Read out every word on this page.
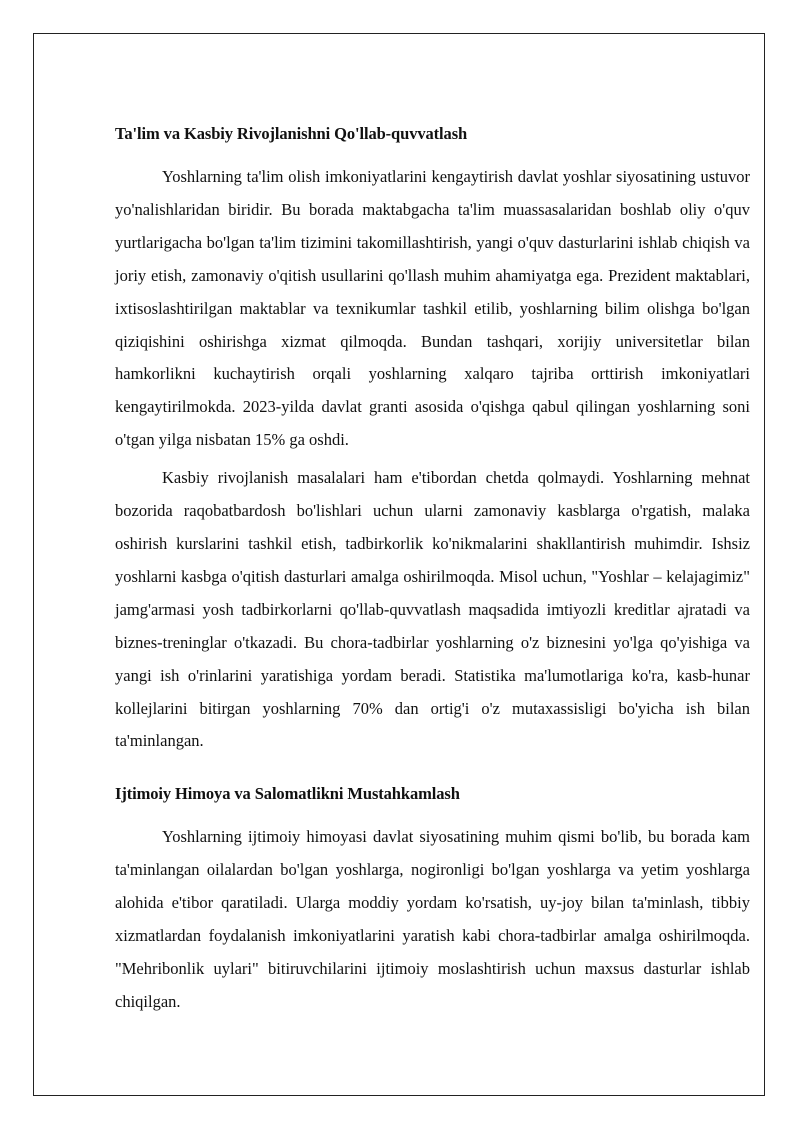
Ta'lim va Kasbiy Rivojlanishni Qo'llab-quvvatlash

Yoshlarning ta'lim olish imkoniyatlarini kengaytirish davlat yoshlar siyosatining ustuvor yo'nalishlaridan biridir. Bu borada maktabgacha ta'lim muassasalaridan boshlab oliy o'quv yurtlarigacha bo'lgan ta'lim tizimini takomillashtirish, yangi o'quv dasturlarini ishlab chiqish va joriy etish, zamonaviy o'qitish usullarini qo'llash muhim ahamiyatga ega. Prezident maktablari, ixtisoslashtirilgan maktablar va texnikumlar tashkil etilib, yoshlarning bilim olishga bo'lgan qiziqishini oshirishga xizmat qilmoqda. Bundan tashqari, xorijiy universitetlar bilan hamkorlikni kuchaytirish orqali yoshlarning xalqaro tajriba orttirish imkoniyatlari kengaytirilmokda. 2023-yilda davlat granti asosida o'qishga qabul qilingan yoshlarning soni o'tgan yilga nisbatan 15% ga oshdi.

Kasbiy rivojlanish masalalari ham e'tibordan chetda qolmaydi. Yoshlarning mehnat bozorida raqobatbardosh bo'lishlari uchun ularni zamonaviy kasblarga o'rgatish, malaka oshirish kurslarini tashkil etish, tadbirkorlik ko'nikmalarini shakllantirish muhimdir. Ishsiz yoshlarni kasbga o'qitish dasturlari amalga oshirilmoqda. Misol uchun, "Yoshlar – kelajagimiz" jamg'armasi yosh tadbirkorlarni qo'llab-quvvatlash maqsadida imtiyozli kreditlar ajratadi va biznes-treninglar o'tkazadi. Bu chora-tadbirlar yoshlarning o'z biznesini yo'lga qo'yishiga va yangi ish o'rinlarini yaratishiga yordam beradi. Statistika ma'lumotlariga ko'ra, kasb-hunar kollejlarini bitirgan yoshlarning 70% dan ortig'i o'z mutaxassisligi bo'yicha ish bilan ta'minlangan.

Ijtimoiy Himoya va Salomatlikni Mustahkamlash

Yoshlarning ijtimoiy himoyasi davlat siyosatining muhim qismi bo'lib, bu borada kam ta'minlangan oilalardan bo'lgan yoshlarga, nogironligi bo'lgan yoshlarga va yetim yoshlarga alohida e'tibor qaratiladi. Ularga moddiy yordam ko'rsatish, uy-joy bilan ta'minlash, tibbiy xizmatlardan foydalanish imkoniyatlarini yaratish kabi chora-tadbirlar amalga oshirilmoqda. "Mehribonlik uylari" bitiruvchilarini ijtimoiy moslashtirish uchun maxsus dasturlar ishlab chiqilgan.
